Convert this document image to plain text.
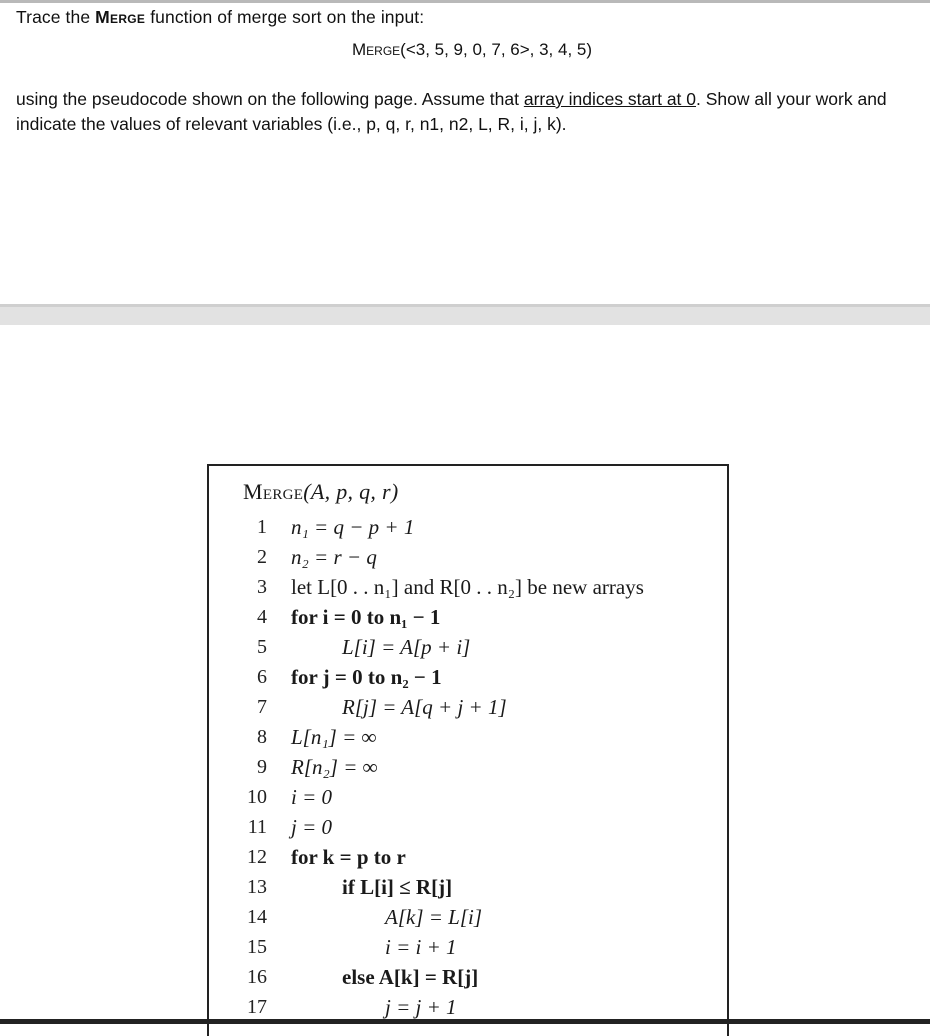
Trace the Merge function of merge sort on the input:
Merge(<3, 5, 9, 0, 7, 6>, 3, 4, 5)
using the pseudocode shown on the following page. Assume that array indices start at 0. Show all your work and indicate the values of relevant variables (i.e., p, q, r, n1, n2, L, R, i, j, k).
Merge(A, p, q, r)
1 n₁ = q − p + 1
2 n₂ = r − q
3 let L[0 . . n₁] and R[0 . . n₂] be new arrays
4 for i = 0 to n₁ − 1
5	L[i] = A[p + i]
6 for j = 0 to n₂ − 1
7	R[j] = A[q + j + 1]
8 L[n₁] = ∞
9 R[n₂] = ∞
10 i = 0
11 j = 0
12 for k = p to r
13	if L[i] ≤ R[j]
14	A[k] = L[i]
15	i = i + 1
16	else A[k] = R[j]
17	j = j + 1
